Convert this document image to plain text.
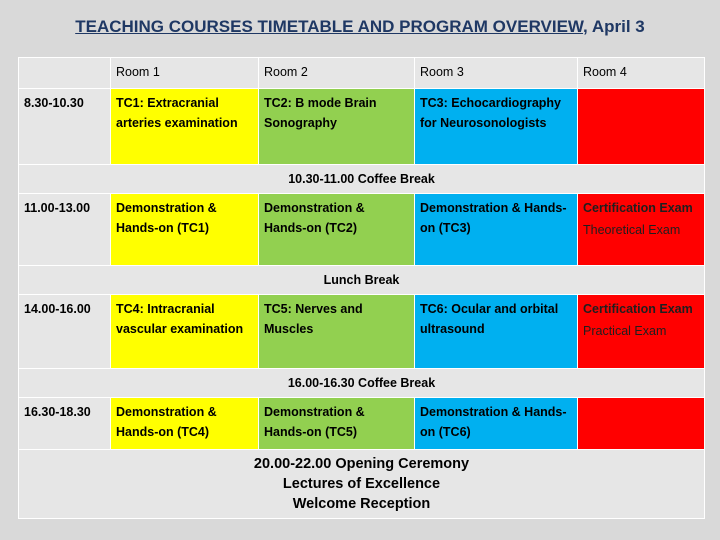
TEACHING COURSES TIMETABLE AND PROGRAM OVERVIEW, April 3
	Room 1	Room 2	Room 3	Room 4
8.30-10.30	TC1: Extracranial arteries examination	TC2: B mode Brain Sonography	TC3: Echocardiography for Neurosonologists	

10.30-11.00 Coffee Break				
11.00-13.00	Demonstration & Hands-on (TC1)	Demonstration & Hands-on (TC2)	Demonstration & Hands-on (TC3)	Certification Exam
Theoretical Exam

Lunch Break				
14.00-16.00	TC4: Intracranial vascular examination	TC5: Nerves and Muscles	TC6: Ocular and orbital ultrasound	Certification Exam
Practical Exam

16.00-16.30 Coffee Break				
16.30-18.30	Demonstration & Hands-on (TC4)	Demonstration & Hands-on (TC5)	Demonstration & Hands-on (TC6)	

20.00-22.00 Opening Ceremony
Lectures of Excellence
Welcome Reception				
